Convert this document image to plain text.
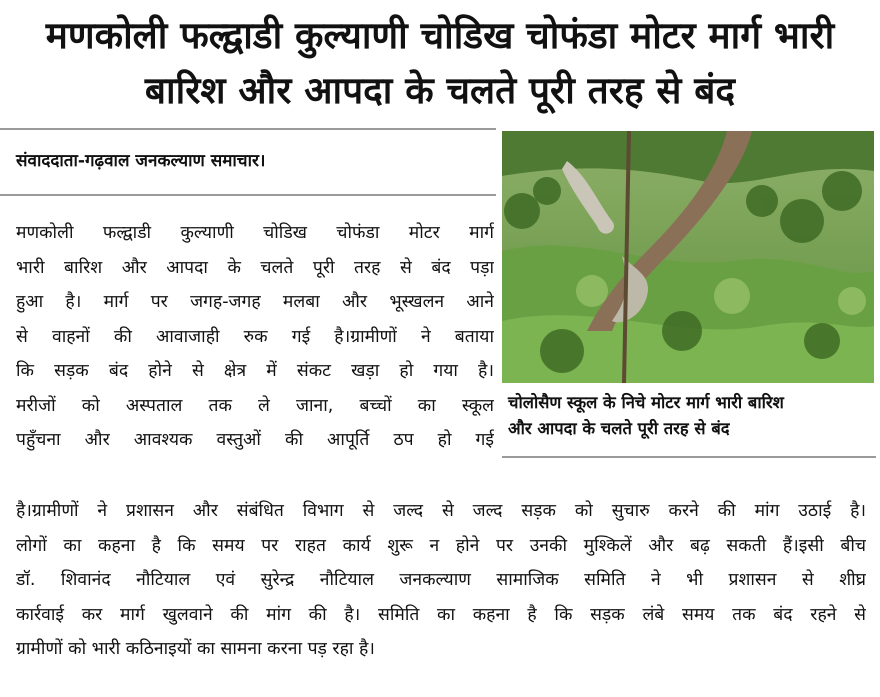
मणकोली फल्द्वाडी कुल्याणी चोडिख चोफंडा मोटर मार्ग भारी
बारिश और आपदा के चलते पूरी तरह से बंद
संवाददाता-गढ़वाल जनकल्याण समाचार।
मणकोली फल्द्वाडी कुल्याणी चोडिख चोफंडा मोटर मार्ग
भारी बारिश और आपदा के चलते पूरी तरह से बंद पड़ा
हुआ है। मार्ग पर जगह-जगह मलबा और भूस्खलन आने
से वाहनों की आवाजाही रुक गई है।ग्रामीणों ने बताया
कि सड़क बंद होने से क्षेत्र में संकट खड़ा हो गया है।
मरीजों को अस्पताल तक ले जाना, बच्चों का स्कूल
पहुँचना और आवश्यक वस्तुओं की आपूर्ति ठप हो गई
चोलोसैण स्कूल के निचे मोटर मार्ग भारी बारिश
और आपदा के चलते पूरी तरह से बंद
है।ग्रामीणों ने प्रशासन और संबंधित विभाग से जल्द से जल्द सड़क को सुचारु करने की मांग उठाई है।
लोगों का कहना है कि समय पर राहत कार्य शुरू न होने पर उनकी मुश्किलें और बढ़ सकती हैं।इसी बीच
डॉ. शिवानंद नौटियाल एवं सुरेन्द्र नौटियाल जनकल्याण सामाजिक समिति ने भी प्रशासन से शीघ्र
कार्रवाई कर मार्ग खुलवाने की मांग की है। समिति का कहना है कि सड़क लंबे समय तक बंद रहने से
ग्रामीणों को भारी कठिनाइयों का सामना करना पड़ रहा है।
